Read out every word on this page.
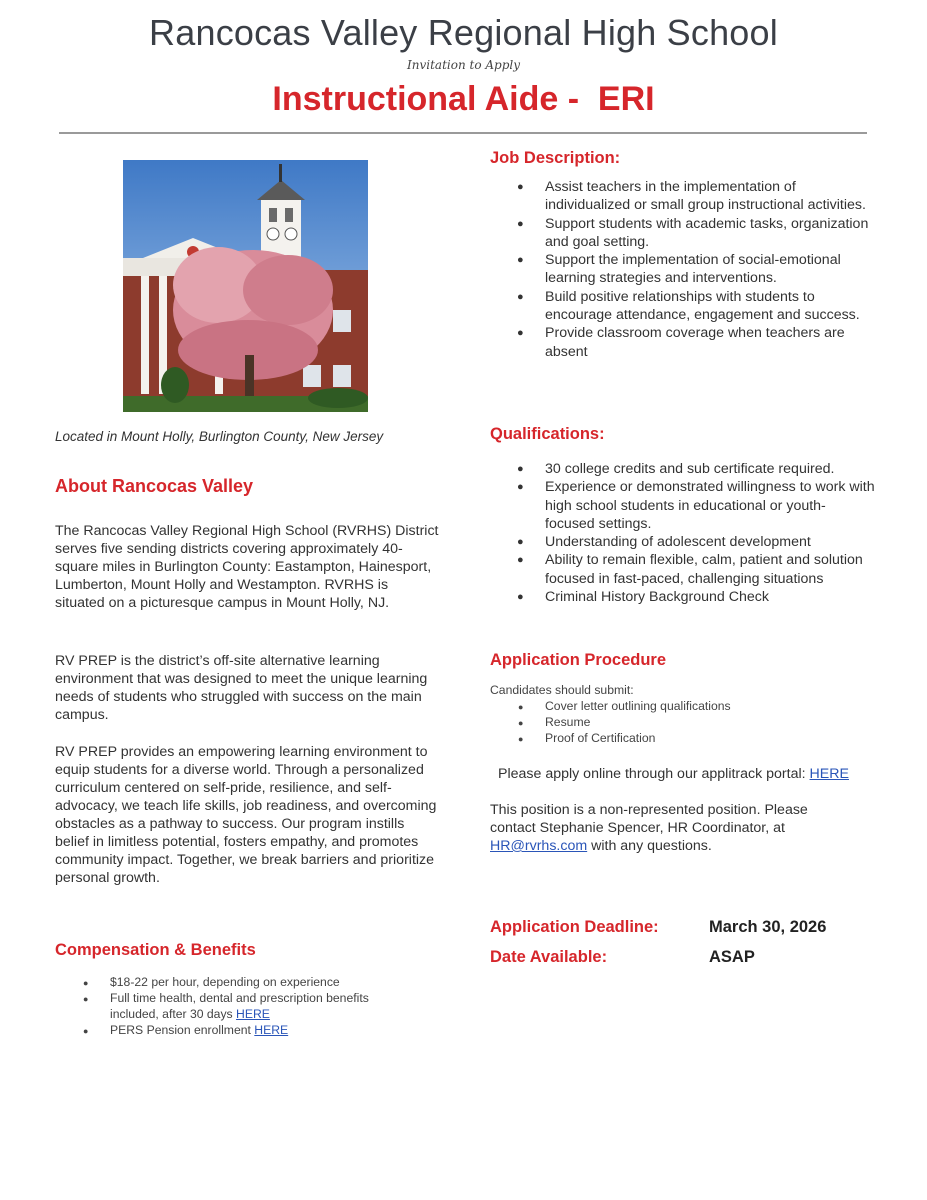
Rancocas Valley Regional High School
Invitation to Apply
Instructional Aide -  ERI
Located in Mount Holly, Burlington County, New Jersey
About Rancocas Valley
The Rancocas Valley Regional High School (RVRHS) District serves five sending districts covering approximately 40-square miles in Burlington County: Eastampton, Hainesport, Lumberton, Mount Holly and Westampton. RVRHS is situated on a picturesque campus in Mount Holly, NJ.
RV PREP is the district’s off-site alternative learning environment that was designed to meet the unique learning needs of students who struggled with success on the main campus.
RV PREP provides an empowering learning environment to equip students for a diverse world. Through a personalized curriculum centered on self-pride, resilience, and self-advocacy, we teach life skills, job readiness, and overcoming obstacles as a pathway to success. Our program instills belief in limitless potential, fosters empathy, and promotes community impact. Together, we break barriers and prioritize personal growth.
Compensation & Benefits
● $18-22 per hour, depending on experience
● Full time health, dental and prescription benefits included, after 30 days HERE
● PERS Pension enrollment HERE
Job Description:
● Assist teachers in the implementation of individualized or small group instructional activities.
● Support students with academic tasks, organization and goal setting.
● Support the implementation of social-emotional learning strategies and interventions.
● Build positive relationships with students to encourage attendance, engagement and success.
● Provide classroom coverage when teachers are absent
Qualifications:
● 30 college credits and sub certificate required.
● Experience or demonstrated willingness to work with high school students in educational or youth-focused settings.
● Understanding of adolescent development
● Ability to remain flexible, calm, patient and solution focused in fast-paced, challenging situations
● Criminal History Background Check
Application Procedure
Candidates should submit:
● Cover letter outlining qualifications
● Resume
● Proof of Certification
Please apply online through our applitrack portal: HERE
This position is a non-represented position. Please contact Stephanie Spencer, HR Coordinator, at HR@rvrhs.com with any questions.
Application Deadline:	March 30, 2026
Date Available:	ASAP
